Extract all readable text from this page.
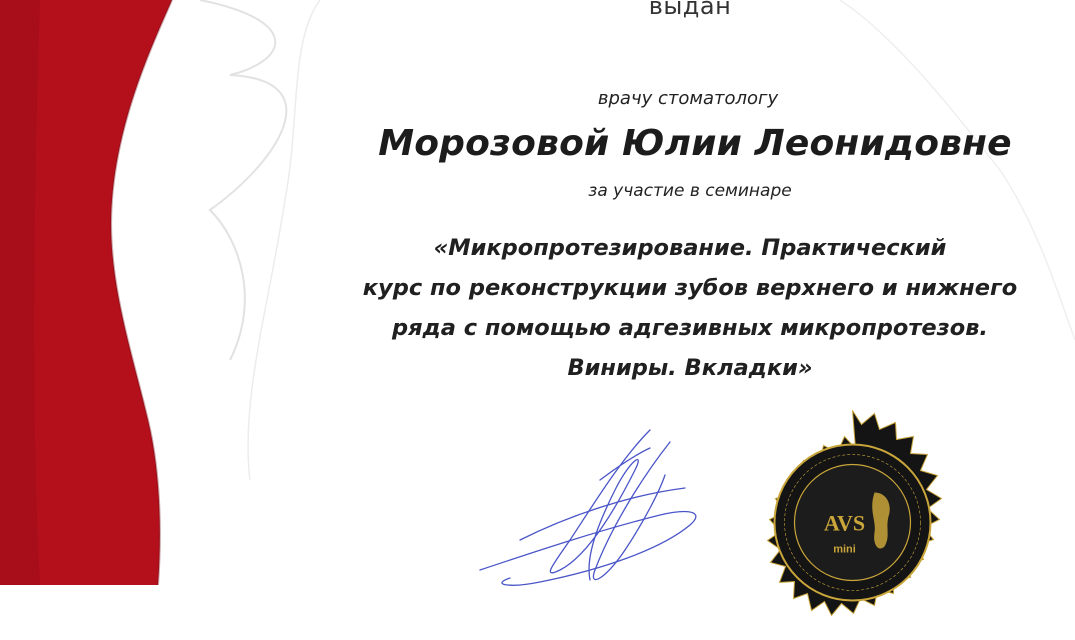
выдан
врачу стоматологу
Морозовой Юлии Леонидовне
за участие в семинаре
«Микропротезирование. Практический
курс по реконструкции зубов верхнего и нижнего
ряда с помощью адгезивных микропротезов.
Виниры. Вкладки»
AVS
mini
